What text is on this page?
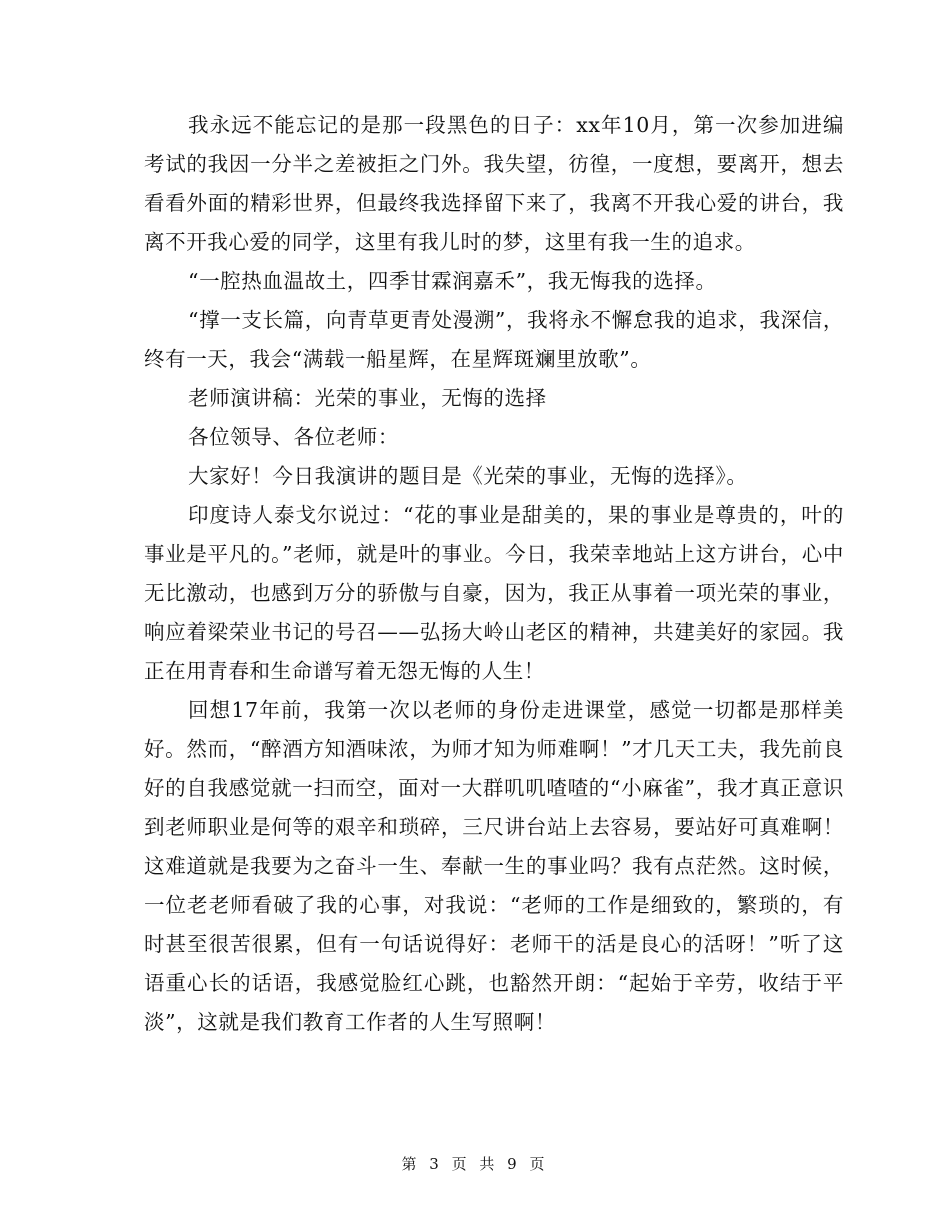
我永远不能忘记的是那一段黑色的日子：xx年10月，第一次参加进编考试的我因一分半之差被拒之门外。我失望，彷徨，一度想，要离开，想去看看外面的精彩世界，但最终我选择留下来了，我离不开我心爱的讲台，我离不开我心爱的同学，这里有我儿时的梦，这里有我一生的追求。

“一腔热血温故土，四季甘霖润嘉禾”，我无悔我的选择。

“撑一支长篇，向青草更青处漫溯”，我将永不懈怠我的追求，我深信，终有一天，我会“满载一船星辉，在星辉斑斓里放歌”。

老师演讲稿：光荣的事业，无悔的选择

各位领导、各位老师：

大家好！今日我演讲的题目是《光荣的事业，无悔的选择》。

印度诗人泰戈尔说过：“花的事业是甜美的，果的事业是尊贵的，叶的事业是平凡的。”老师，就是叶的事业。今日，我荣幸地站上这方讲台，心中无比激动，也感到万分的骄傲与自豪，因为，我正从事着一项光荣的事业，响应着梁荣业书记的号召——弘扬大岭山老区的精神，共建美好的家园。我正在用青春和生命谱写着无怨无悔的人生！

回想17年前，我第一次以老师的身份走进课堂，感觉一切都是那样美好。然而，“醉酒方知酒味浓，为师才知为师难啊！”才几天工夫，我先前良好的自我感觉就一扫而空，面对一大群叽叽喳喳的“小麻雀”，我才真正意识到老师职业是何等的艰辛和琐碎，三尺讲台站上去容易，要站好可真难啊！这难道就是我要为之奋斗一生、奉献一生的事业吗？我有点茫然。这时候，一位老老师看破了我的心事，对我说：“老师的工作是细致的，繁琐的，有时甚至很苦很累，但有一句话说得好：老师干的活是良心的活呀！”听了这语重心长的话语，我感觉脸红心跳，也豁然开朗：“起始于辛劳，收结于平淡”，这就是我们教育工作者的人生写照啊！

第 3 页 共 9 页
